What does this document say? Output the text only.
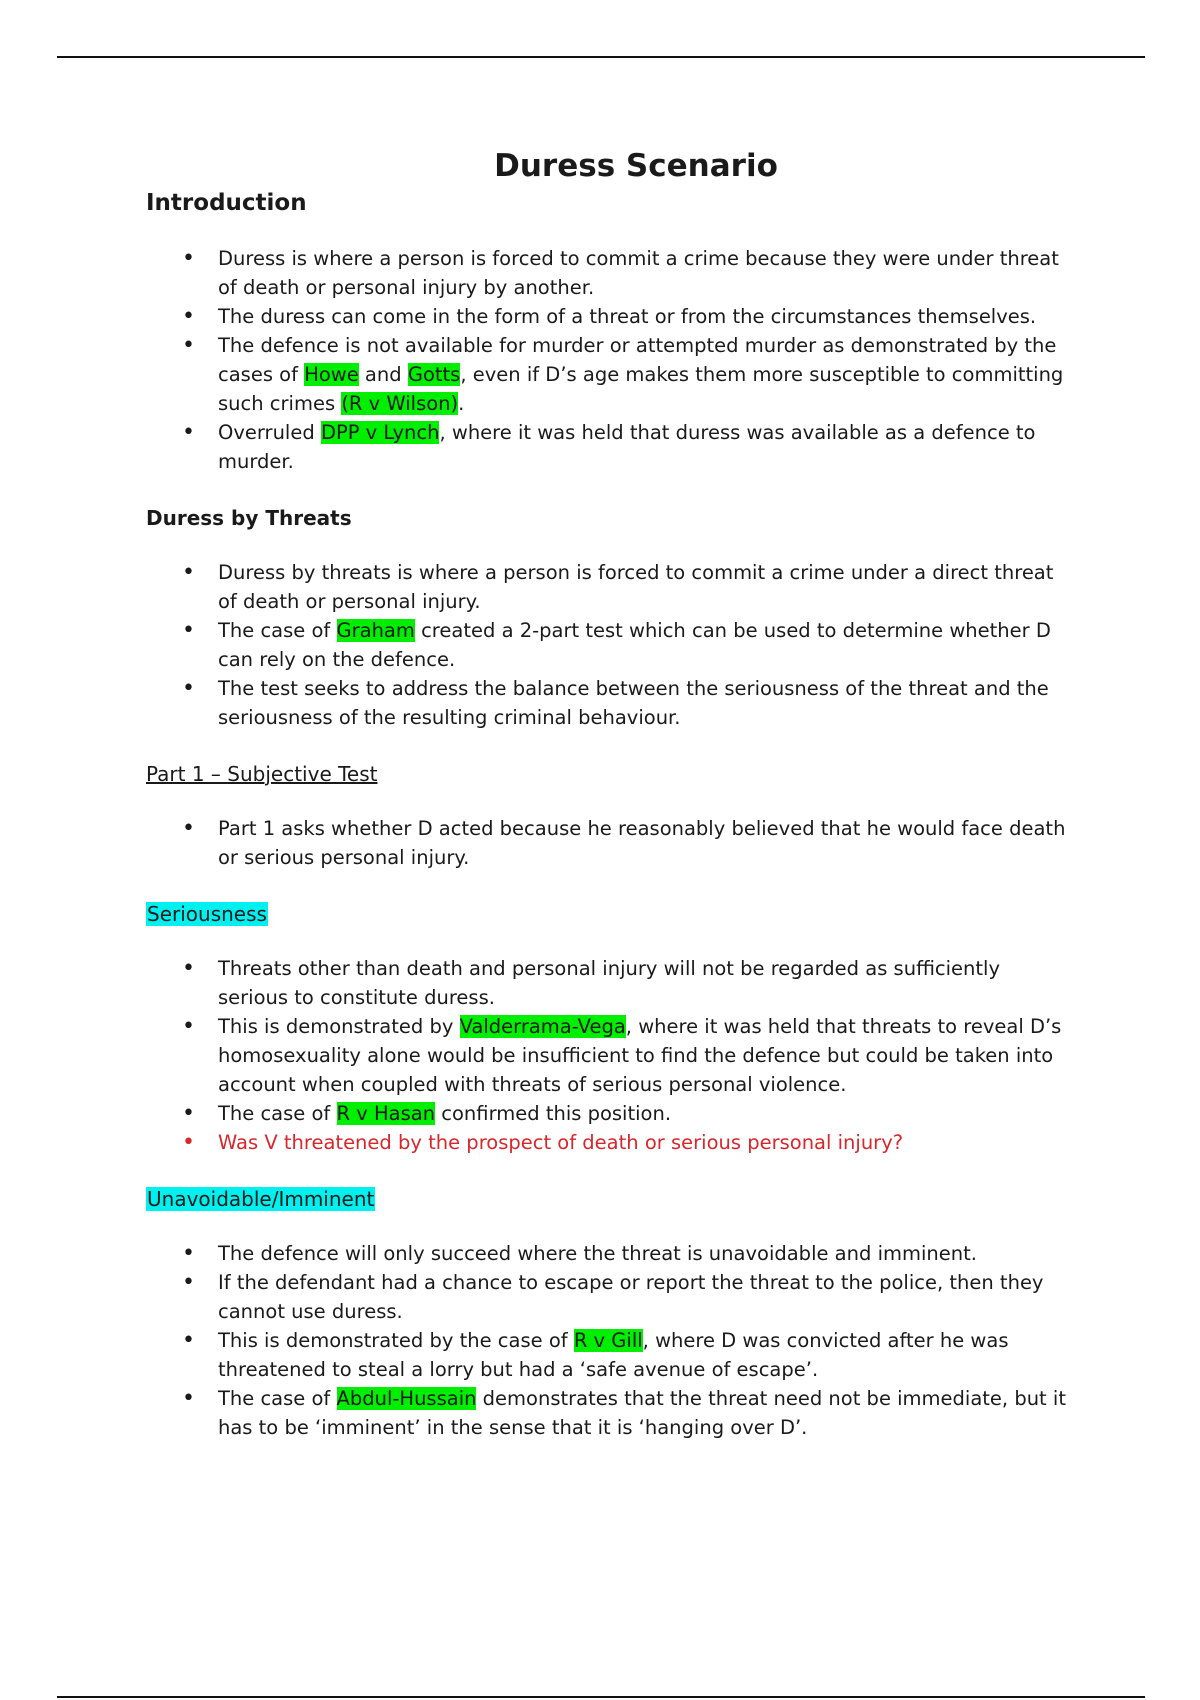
Duress Scenario
Introduction
• Duress is where a person is forced to commit a crime because they were under threat of death or personal injury by another.
• The duress can come in the form of a threat or from the circumstances themselves.
• The defence is not available for murder or attempted murder as demonstrated by the cases of Howe and Gotts, even if D’s age makes them more susceptible to committing such crimes (R v Wilson).
• Overruled DPP v Lynch, where it was held that duress was available as a defence to murder.
Duress by Threats
• Duress by threats is where a person is forced to commit a crime under a direct threat of death or personal injury.
• The case of Graham created a 2-part test which can be used to determine whether D can rely on the defence.
• The test seeks to address the balance between the seriousness of the threat and the seriousness of the resulting criminal behaviour.
Part 1 – Subjective Test
• Part 1 asks whether D acted because he reasonably believed that he would face death or serious personal injury.
Seriousness
• Threats other than death and personal injury will not be regarded as sufficiently serious to constitute duress.
• This is demonstrated by Valderrama-Vega, where it was held that threats to reveal D’s homosexuality alone would be insufficient to find the defence but could be taken into account when coupled with threats of serious personal violence.
• The case of R v Hasan confirmed this position.
• Was V threatened by the prospect of death or serious personal injury?
Unavoidable/Imminent
• The defence will only succeed where the threat is unavoidable and imminent.
• If the defendant had a chance to escape or report the threat to the police, then they cannot use duress.
• This is demonstrated by the case of R v Gill, where D was convicted after he was threatened to steal a lorry but had a ‘safe avenue of escape’.
• The case of Abdul-Hussain demonstrates that the threat need not be immediate, but it has to be ‘imminent’ in the sense that it is ‘hanging over D’.
